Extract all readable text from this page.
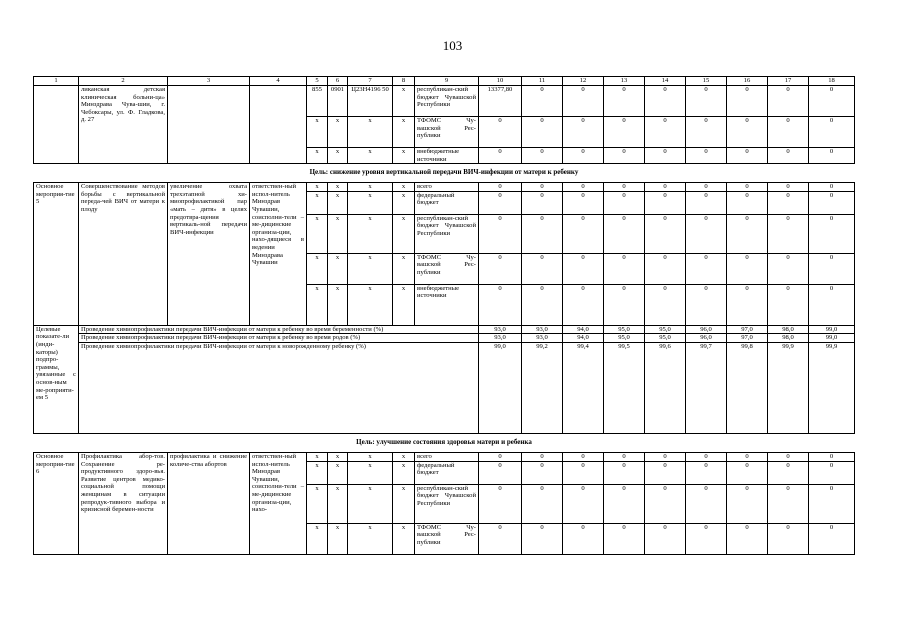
103
1	2	3	4	5	6	7	8	9	10	11	12	13	14	15	16	17	18
	ликанская детская клиническая больни-ца» Минздрава Чува-шии, г. Чебоксары, ул. Ф. Гладкова, д. 27			855	0901	Ц23Н4196 50	x	республикан-ский бюджет Чувашской Республики	13377,80	0	0	0	0	0	0	0	0
				x	x	x	x	ТФОМС Чу-вашской Рес-публики	0	0	0	0	0	0	0	0	0
				x	x	x	x	внебюджетные источники	0	0	0	0	0	0	0	0	0
Цель: снижение уровня вертикальной передачи ВИЧ-инфекции от матери к ребенку																	
Основное мероприя-тие 5	Совершенствование методов борьбы с вертикальной переда-чей ВИЧ от матери к плоду	увеличение охвата трехэтапной хи-миопрофилактикой пар «мать – дитя» в целях предотвра-щения вертикаль-ной передачи ВИЧ-инфекции	ответствен-ный испол-нитель Минздрав Чувашии, соисполни-тели – ме-дицинские организа-ции, нахо-дящиеся в ведении Минздрава Чувашии	x	x	x	x	всего	0	0	0	0	0	0	0	0	0
				x	x	x	x	федеральный бюджет	0	0	0	0	0	0	0	0	0
				x	x	x	x	республикан-ский бюджет Чувашской Республики	0	0	0	0	0	0	0	0	0
				x	x	x	x	ТФОМС Чу-вашской Рес-публики	0	0	0	0	0	0	0	0	0
				x	x	x	x	внебюджетные источники	0	0	0	0	0	0	0	0	0
Целевые показате-ли (инди-каторы) подпро-граммы, увязанные с основ-ным ме-роприяти-ем 5	Проведение химиопрофилактики передачи ВИЧ-инфекции от матери к ребенку во время беременности (%)								93,0	93,0	94,0	95,0	95,0	96,0	97,0	98,0	99,0
	Проведение химиопрофилактики передачи ВИЧ-инфекции от матери к ребенку во время родов (%)								93,0	93,0	94,0	95,0	95,0	96,0	97,0	98,0	99,0
	Проведение химиопрофилактики передачи ВИЧ-инфекции от матери к новорожденному ребенку (%)								99,0	99,2	99,4	99,5	99,6	99,7	99,8	99,9	99,9
Цель: улучшение состояния здоровья матери и ребенка																	
Основное мероприя-тие 6	Профилактика абор-тов. Сохранение ре-продуктивного здоро-вья. Развитие центров медико-социальной помощи женщинам в ситуации репродук-тивного выбора и кризисной беремен-ности	профилактика и снижение количе-ства абортов	ответствен-ный испол-нитель Минздрав Чувашии, соисполни-тели – ме-дицинские организа-ции, нахо-	x	x	x	x	всего	0	0	0	0	0	0	0	0	0
				x	x	x	x	федеральный бюджет	0	0	0	0	0	0	0	0	0
				x	x	x	x	республикан-ский бюджет Чувашской Республики	0	0	0	0	0	0	0	0	0
				x	x	x	x	ТФОМС Чу-вашской Рес-публики	0	0	0	0	0	0	0	0	0
